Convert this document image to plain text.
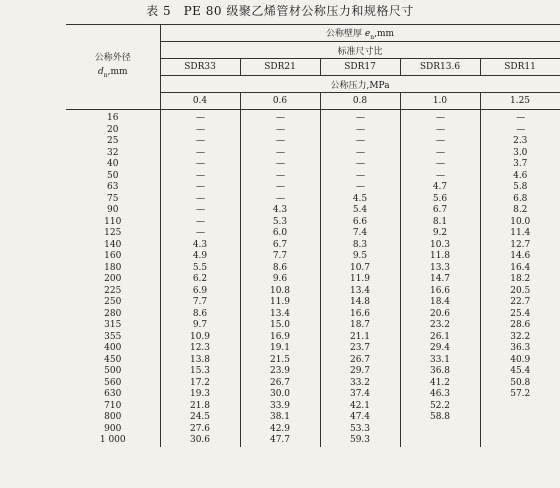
表 5　PE 80 级聚乙烯管材公称压力和规格尺寸
公称外径
$d_n,mm$	公称壁厚 $e_n,mm$				
	标准尺寸比				
	SDR33	SDR21	SDR17	SDR13.6	SDR11
	公称压力,MPa				
	0.4	0.6	0.8	1.0	1.25
16	—	—	—	—	—
20	—	—	—	—	—
25	—	—	—	—	2.3
32	—	—	—	—	3.0
40	—	—	—	—	3.7
50	—	—	—	—	4.6
63	—	—	—	4.7	5.8
75	—	—	4.5	5.6	6.8
90	—	4.3	5.4	6.7	8.2
110	—	5.3	6.6	8.1	10.0
125	—	6.0	7.4	9.2	11.4
140	4.3	6.7	8.3	10.3	12.7
160	4.9	7.7	9.5	11.8	14.6
180	5.5	8.6	10.7	13.3	16.4
200	6.2	9.6	11.9	14.7	18.2
225	6.9	10.8	13.4	16.6	20.5
250	7.7	11.9	14.8	18.4	22.7
280	8.6	13.4	16.6	20.6	25.4
315	9.7	15.0	18.7	23.2	28.6
355	10.9	16.9	21.1	26.1	32.2
400	12.3	19.1	23.7	29.4	36.3
450	13.8	21.5	26.7	33.1	40.9
500	15.3	23.9	29.7	36.8	45.4
560	17.2	26.7	33.2	41.2	50.8
630	19.3	30.0	37.4	46.3	57.2
710	21.8	33.9	42.1	52.2	
800	24.5	38.1	47.4	58.8	
900	27.6	42.9	53.3		
1 000	30.6	47.7	59.3		
